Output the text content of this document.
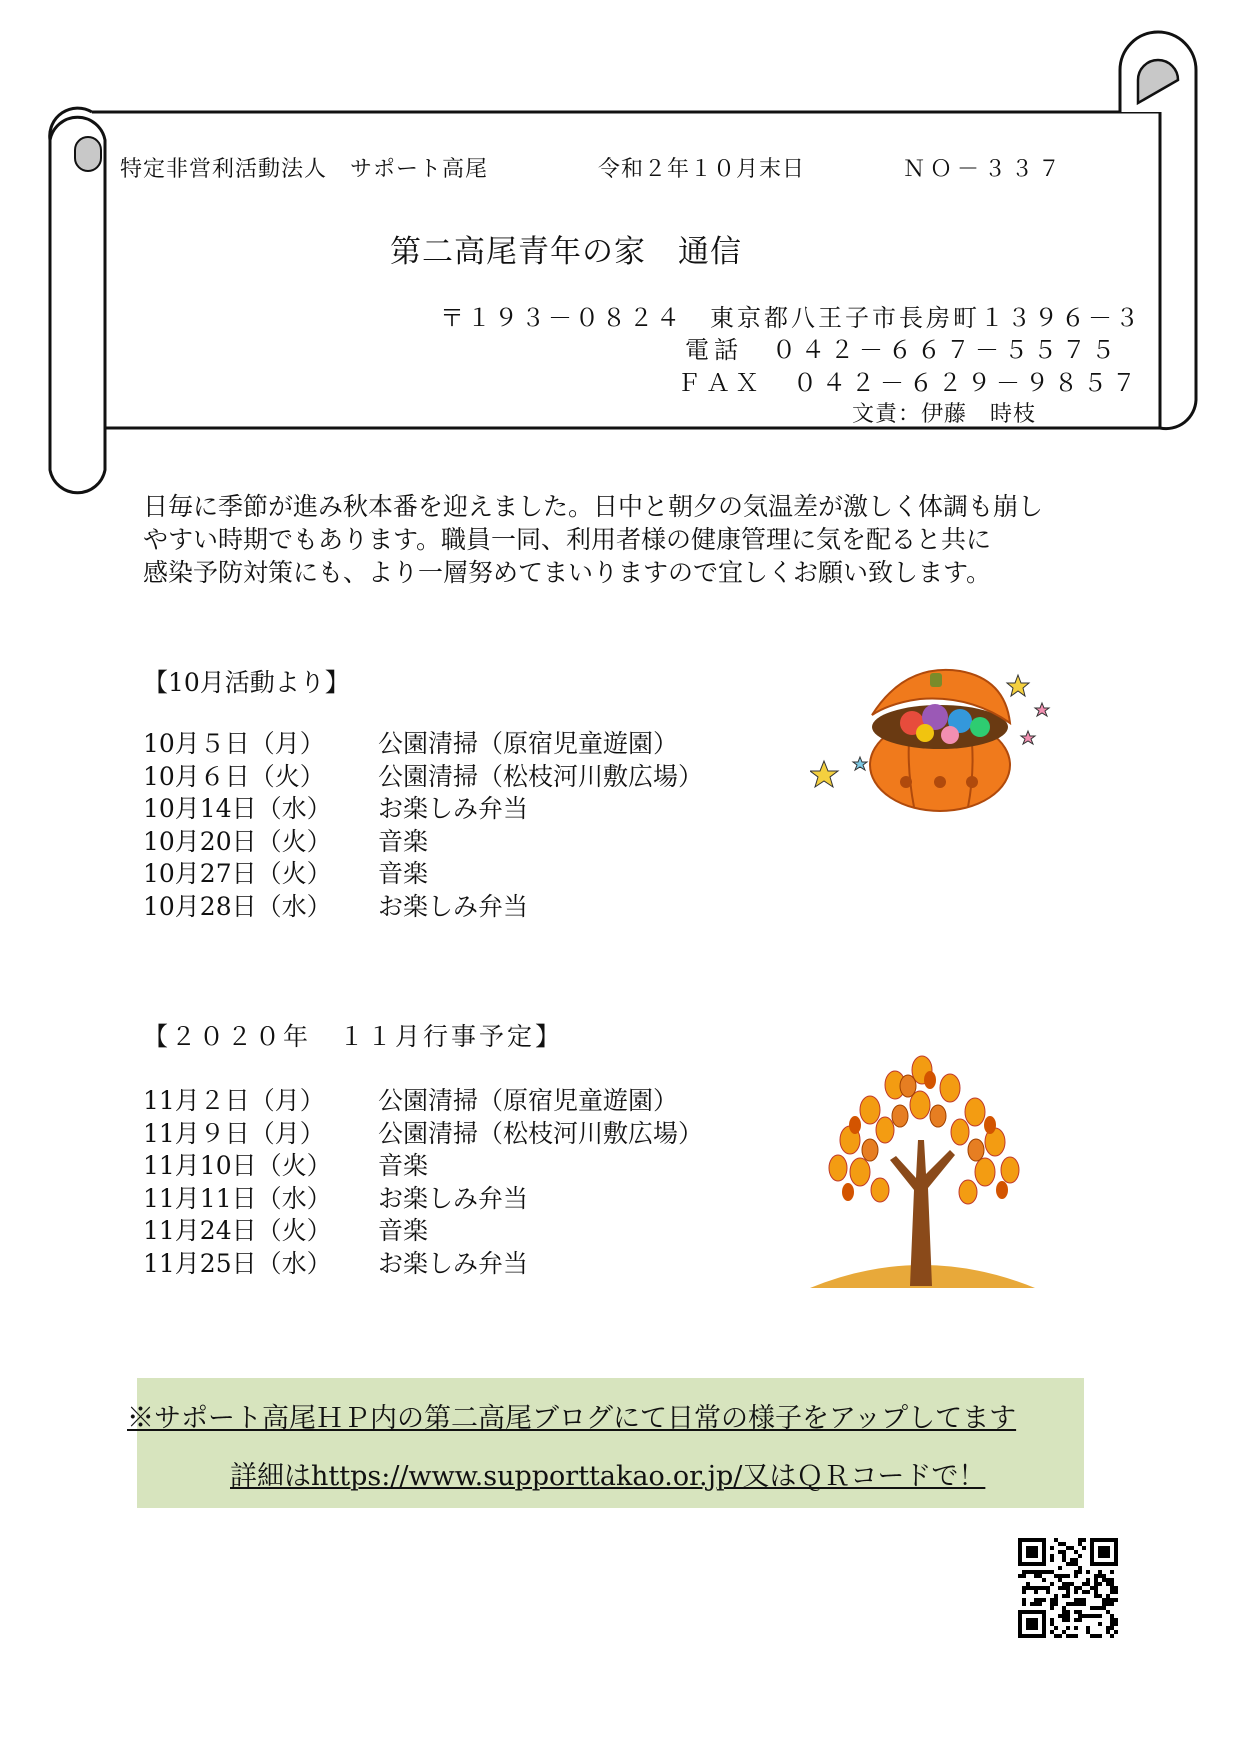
特定非営利活動法人　サポート高尾	令和２年１０月末日	ＮＯ－３３７
第二高尾青年の家　通信
〒１９３－０８２４　東京都八王子市長房町１３９６－３
電話　０４２－６６７－５５７５
ＦＡＸ　０４２－６２９－９８５７
文責：伊藤　時枝
日毎に季節が進み秋本番を迎えました。日中と朝夕の気温差が激しく体調も崩し
やすい時期でもあります。職員一同、利用者様の健康管理に気を配ると共に
感染予防対策にも、より一層努めてまいりますので宜しくお願い致します。
【10月活動より】
10月５日（月）	公園清掃（原宿児童遊園）
10月６日（火）	公園清掃（松枝河川敷広場）
10月14日（水）	お楽しみ弁当
10月20日（火）	音楽
10月27日（火）	音楽
10月28日（水）	お楽しみ弁当
【２０２０年　１１月行事予定】
11月２日（月）	公園清掃（原宿児童遊園）
11月９日（月）	公園清掃（松枝河川敷広場）
11月10日（火）	音楽
11月11日（水）	お楽しみ弁当
11月24日（火）	音楽
11月25日（水）	お楽しみ弁当
※サポート高尾ＨＰ内の第二高尾ブログにて日常の様子をアップしてます
詳細はhttps://www.supporttakao.or.jp/又はＱＲコードで！
